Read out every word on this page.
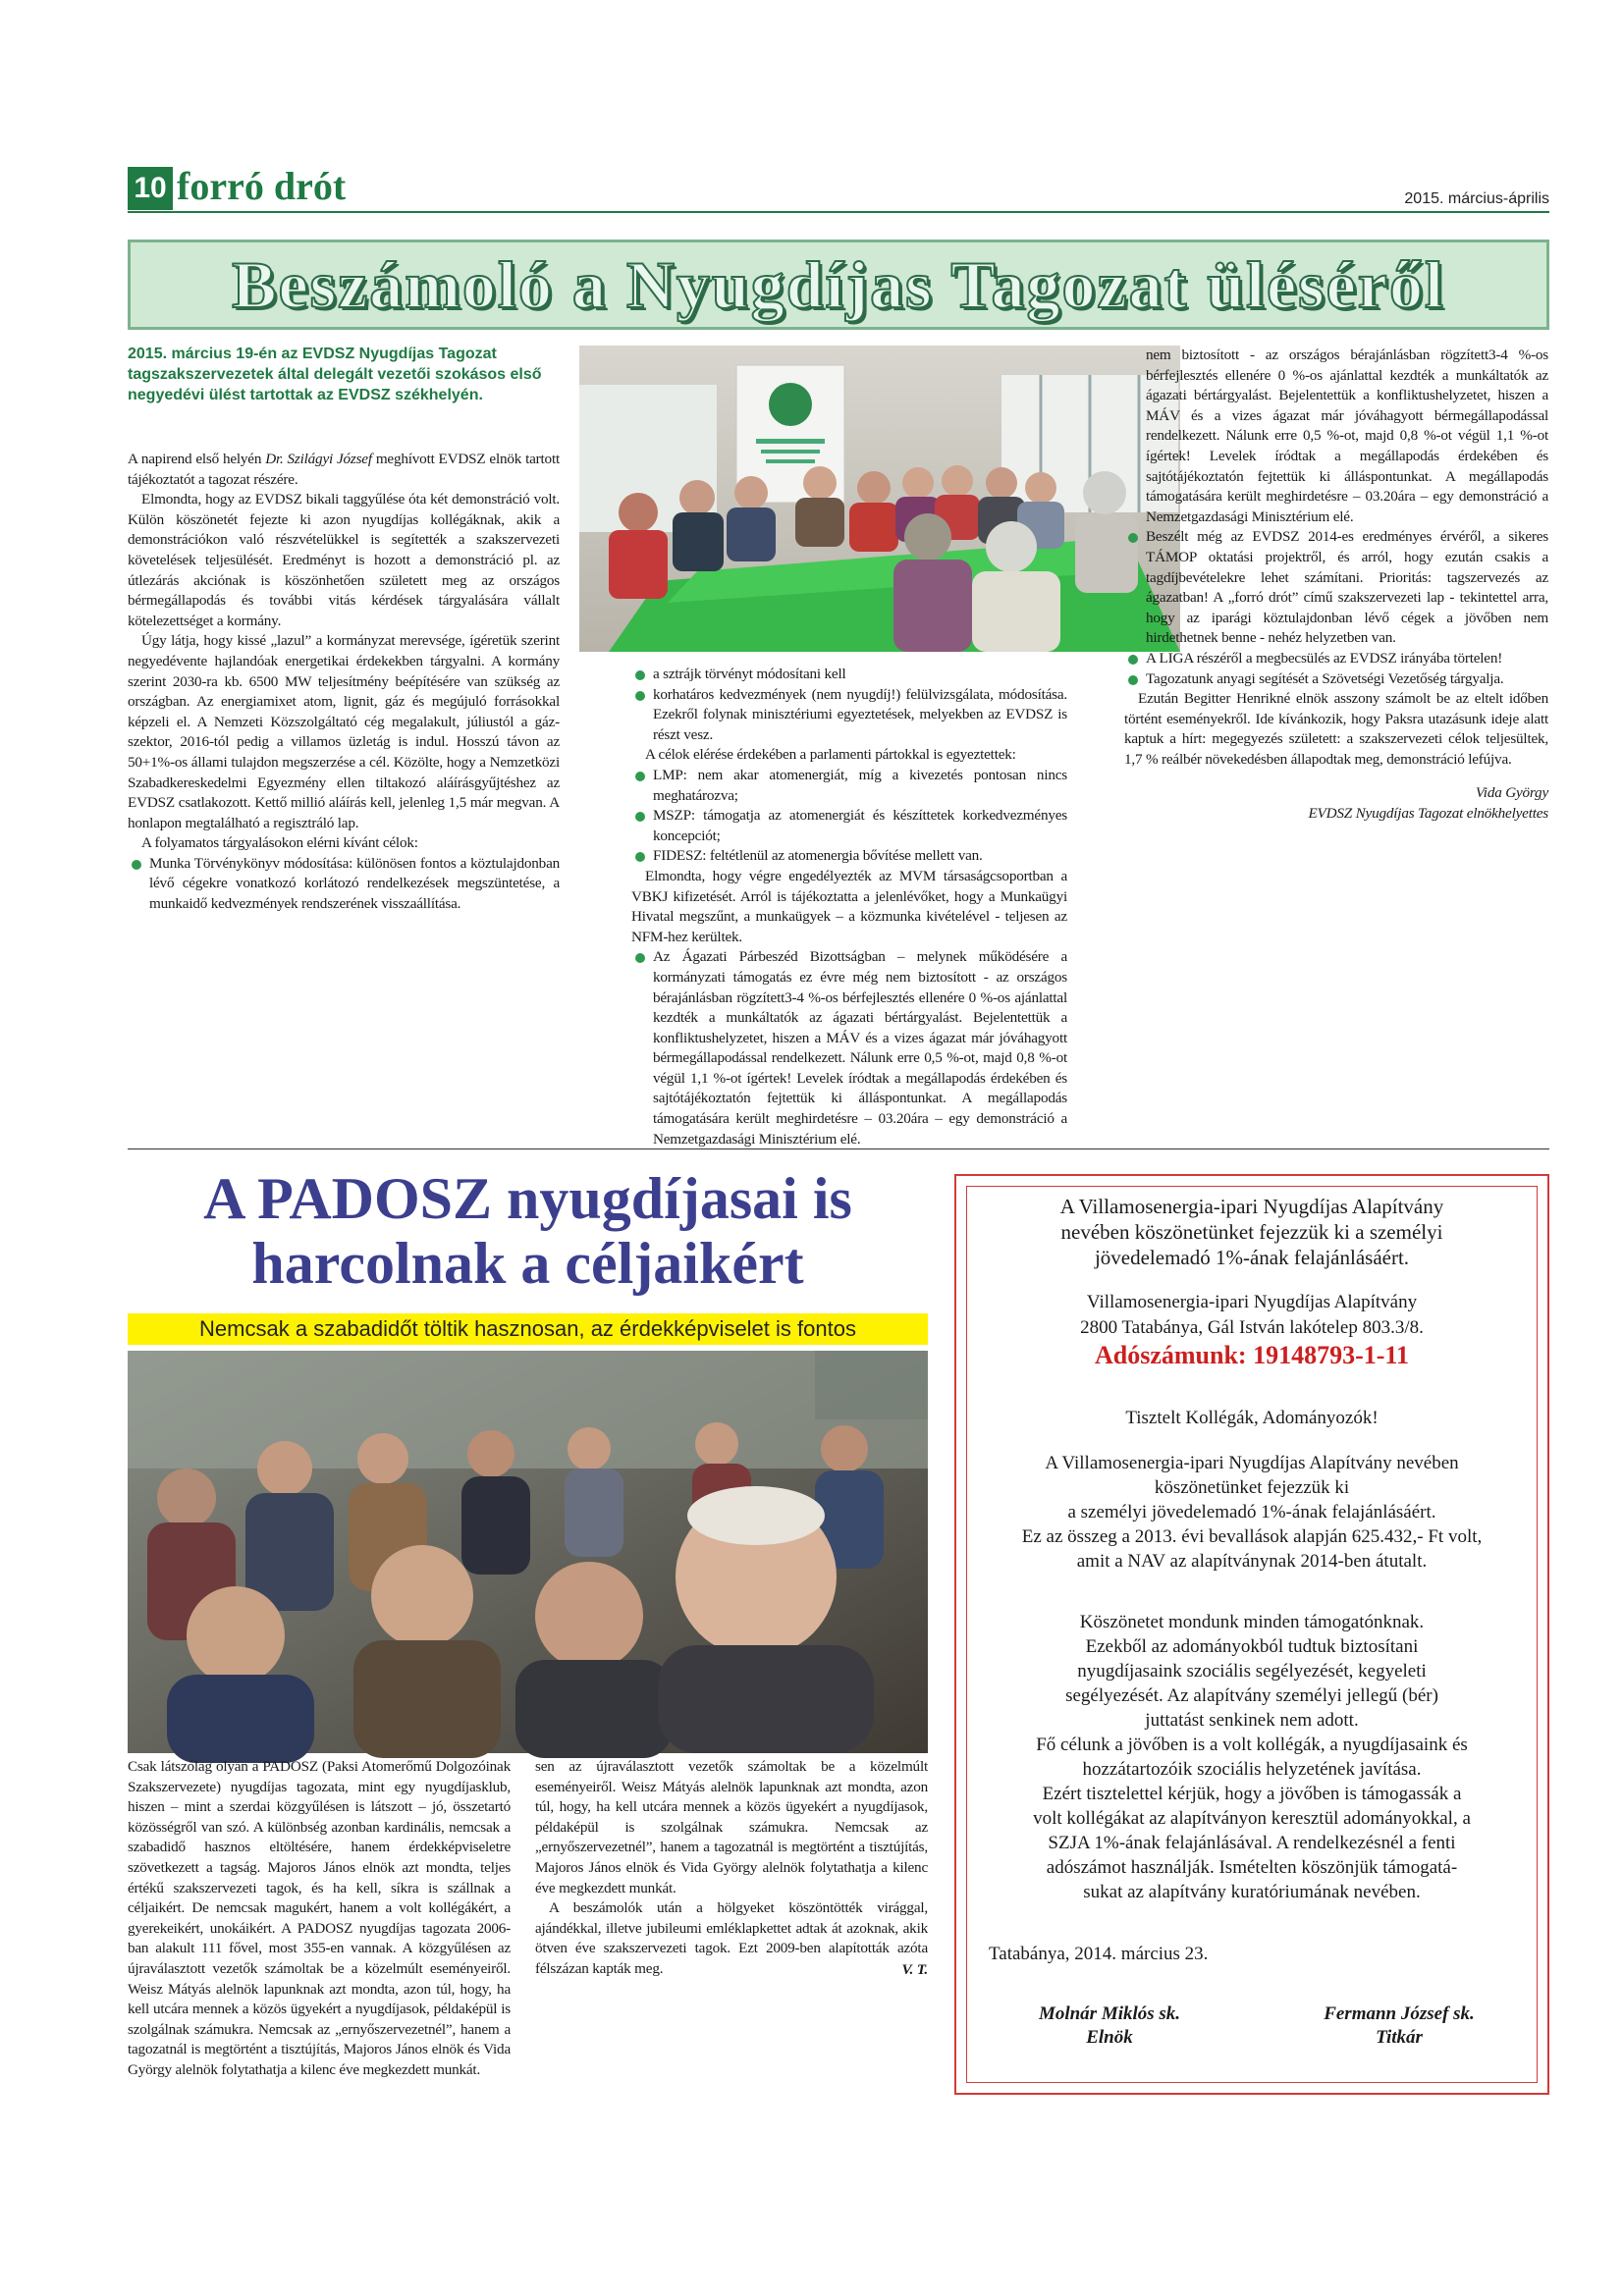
10 forró drót	2015. március-április
Beszámoló a Nyugdíjas Tagozat üléséről
2015. március 19-én az EVDSZ Nyugdíjas Tagozat tagszakszervezetek által delegált vezetői szokásos első negyedévi ülést tartottak az EVDSZ székhelyén.

A napirend első helyén Dr. Szilágyi József meghívott EVDSZ elnök tartott tájékoztatót a tagozat részére.

Elmondta, hogy az EVDSZ bikali taggyűlése óta két demonstráció volt. Külön köszönetét fejezte ki azon nyugdíjas kollégáknak, akik a demonstrációkon való részvételükkel is segítették a szakszervezeti követelések teljesülését. Eredményt is hozott a demonstráció pl. az útlezárás akciónak is köszönhetően született meg az országos bérmegállapodás és további vitás kérdések tárgyalására vállalt kötelezettséget a kormány.

Úgy látja, hogy kissé „lazul” a kormányzat merevsége, ígéretük szerint negyedévente hajlandóak energetikai érdekekben tárgyalni. A kormány szerint 2030-ra kb. 6500 MW teljesítmény beépítésére van szükség az országban. Az energiamixet atom, lignit, gáz és megújuló forrásokkal képzeli el. A Nemzeti Közszolgáltató cég megalakult, júliustól a gáz-szektor, 2016-tól pedig a villamos üzletág is indul. Hosszú távon az 50+1%-os állami tulajdon megszerzése a cél. Közölte, hogy a Nemzetközi Szabadkereskedelmi Egyezmény ellen tiltakozó aláírásgyűjtéshez az EVDSZ csatlakozott. Kettő millió aláírás kell, jelenleg 1,5 már megvan. A honlapon megtalálható a regisztráló lap.

A folyamatos tárgyalásokon elérni kívánt célok:

Munka Törvénykönyv módosítása: különösen fontos a köztulajdonban lévő cégekre vonatkozó korlátozó rendelkezések megszüntetése, a munkaidő kedvezmények rendszerének visszaállítása.
a sztrájk törvényt módosítani kell
korhatáros kedvezmények (nem nyugdíj!) felülvizsgálata, módosítása. Ezekről folynak minisztériumi egyeztetések, melyekben az EVDSZ is részt vesz.

A célok elérése érdekében a parlamenti pártokkal is egyeztettek:

LMP: nem akar atomenergiát, míg a kivezetés pontosan nincs meghatározva;
MSZP: támogatja az atomenergiát és készíttetek korkedvezményes koncepciót;
FIDESZ: feltétlenül az atomenergia bővítése mellett van.

Elmondta, hogy végre engedélyezték az MVM társaságcsoportban a VBKJ kifizetését. Arról is tájékoztatta a jelenlévőket, hogy a Munkaügyi Hivatal megszűnt, a munkaügyek – a közmunka kivételével - teljesen az NFM-hez kerültek.

Az Ágazati Párbeszéd Bizottságban – melynek működésére a kormányzati támogatás ez évre még nem biztosított - az országos bérajánlásban rögzített3-4 %-os bérfejlesztés ellenére 0 %-os ajánlattal kezdték a munkáltatók az ágazati bértárgyalást. Bejelentettük a konfliktushelyzetet, hiszen a MÁV és a vizes ágazat már jóváhagyott bérmegállapodással rendelkezett. Nálunk erre 0,5 %-ot, majd 0,8 %-ot végül 1,1 %-ot ígértek! Levelek íródtak a megállapodás érdekében és sajtótájékoztatón fejtettük ki álláspontunkat. A megállapodás támogatására került meghirdetésre – 03.20ára – egy demonstráció a Nemzetgazdasági Minisztérium elé.
nem biztosított - az országos bérajánlásban rögzített3-4 %-os bérfejlesztés ellenére 0 %-os ajánlattal kezdték a munkáltatók az ágazati bértárgyalást. Bejelentettük a konfliktushelyzetet, hiszen a MÁV és a vizes ágazat már jóváhagyott bérmegállapodással rendelkezett. Nálunk erre 0,5 %-ot, majd 0,8 %-ot végül 1,1 %-ot ígértek! Levelek íródtak a megállapodás érdekében és sajtótájékoztatón fejtettük ki álláspontunkat. A megállapodás támogatására került meghirdetésre – 03.20ára – egy demonstráció a Nemzetgazdasági Minisztérium elé.
Beszélt még az EVDSZ 2014-es eredményes érvéről, a sikeres TÁMOP oktatási projektről, és arról, hogy ezután csakis a tagdíjbevételekre lehet számítani. Prioritás: tagszervezés az ágazatban! A „forró drót” című szakszervezeti lap - tekintettel arra, hogy az iparági köztulajdonban lévő cégek a jövőben nem hirdethetnek benne - nehéz helyzetben van.
A LIGA részéről a megbecsülés az EVDSZ irányába törtelen!
Tagozatunk anyagi segítését a Szövetségi Vezetőség tárgyalja.

Ezután Begitter Henrikné elnök asszony számolt be az eltelt időben történt eseményekről. Ide kívánkozik, hogy Paksra utazásunk ideje alatt kaptuk a hírt: megegyezés született: a szakszervezeti célok teljesültek, 1,7 % reálbér növekedésben állapodtak meg, demonstráció lefújva.

Vida György
EVDSZ Nyugdíjas Tagozat elnökhelyettes
A PADOSZ nyugdíjasai is
harcolnak a céljaikért
Nemcsak a szabadidőt töltik hasznosan, az érdekképviselet is fontos

Csak látszólag olyan a PADOSZ (Paksi Atomerőmű Dolgozóinak Szakszervezete) nyugdíjas tagozata, mint egy nyugdíjasklub, hiszen – mint a szerdai közgyűlésen is látszott – jó, összetartó közösségről van szó. A különbség azonban kardinális, nemcsak a szabadidő hasznos eltöltésére, hanem érdekképviseletre szövetkezett a tagság. Majoros János elnök azt mondta, teljes értékű szakszervezeti tagok, és ha kell, síkra is szállnak a céljaikért. De nemcsak magukért, hanem a volt kollégákért, a gyerekeikért, unokáikért. A PADOSZ nyugdíjas tagozata 2006-ban alakult 111 fővel, most 355-en vannak. A közgyűlésen az újraválasztott vezetők számoltak be a közelmúlt eseményeiről. Weisz Mátyás alelnök lapunknak azt mondta, azon túl, hogy, ha kell utcára mennek a közös ügyekért a nyugdíjasok, példaképül is szolgálnak számukra. Nemcsak az „ernyőszervezetnél”, hanem a tagozatnál is megtörtént a tisztújítás, Majoros János elnök és Vida György alelnök folytathatja a kilenc éve megkezdett munkát.

sen az újraválasztott vezetők számoltak be a közelmúlt eseményeiről. Weisz Mátyás alelnök lapunknak azt mondta, azon túl, hogy, ha kell utcára mennek a közös ügyekért a nyugdíjasok, példaképül is szolgálnak számukra. Nemcsak az „ernyőszervezetnél”, hanem a tagozatnál is megtörtént a tisztújítás, Majoros János elnök és Vida György alelnök folytathatja a kilenc éve megkezdett munkát.

A beszámolók után a hölgyeket köszöntötték virággal, ajándékkal, illetve jubileumi emléklapkettet adtak át azoknak, akik ötven éve szakszervezeti tagok. Ezt 2009-ben alapították azóta félszázan kapták meg.	V. T.
A Villamosenergia-ipari Nyugdíjas Alapítvány
nevében köszönetünket fejezzük ki a személyi
jövedelemadó 1%-ának felajánlásáért.
Villamosenergia-ipari Nyugdíjas Alapítvány
2800 Tatabánya, Gál István lakótelep 803.3/8.
Adószámunk: 19148793-1-11
Tisztelt Kollégák, Adományozók!
A Villamosenergia-ipari Nyugdíjas Alapítvány nevében
köszönetünket fejezzük ki
a személyi jövedelemadó 1%-ának felajánlásáért.
Ez az összeg a 2013. évi bevallások alapján 625.432,- Ft volt,
amit a NAV az alapítványnak 2014-ben átutalt.
Köszönetet mondunk minden támogatónknak.
Ezekből az adományokból tudtuk biztosítani
nyugdíjasaink szociális segélyezését, kegyeleti
segélyezését. Az alapítvány személyi jellegű (bér)
juttatást senkinek nem adott.
Fő célunk a jövőben is a volt kollégák, a nyugdíjasaink és
hozzátartozóik szociális helyzetének javítása.
Ezért tisztelettel kérjük, hogy a jövőben is támogassák a
volt kollégákat az alapítványon keresztül adományokkal, a
SZJA 1%-ának felajánlásával. A rendelkezésnél a fenti
adószámot használják. Ismételten köszönjük támogatá-
sukat az alapítvány kuratóriumának nevében.
Tatabánya, 2014. március 23.
Molnár Miklós sk.
Elnök
Fermann József sk.
Titkár
